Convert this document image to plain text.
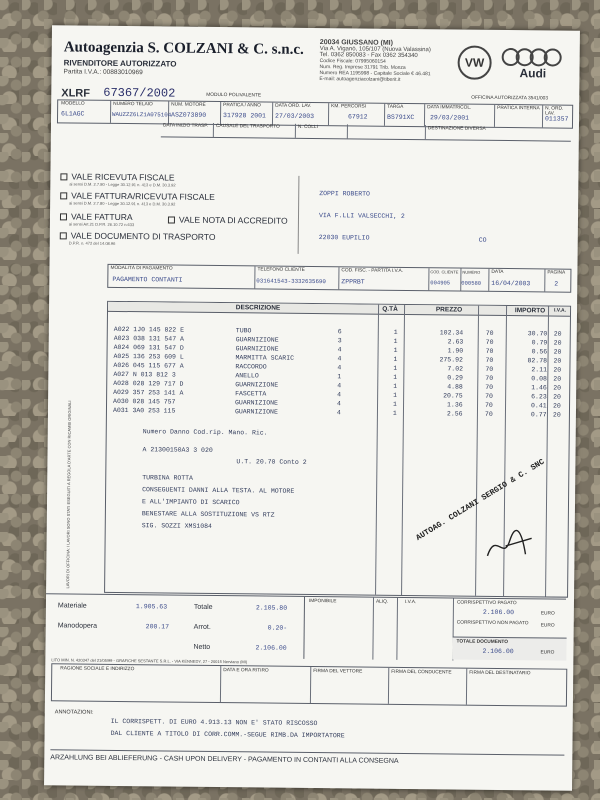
Autoagenzia S. COLZANI & C. s.n.c.
RIVENDITORE AUTORIZZATO
Partita I.V.A.: 00883010969
20034 GIUSSANO (MI)
Via A. Viganò, 105/107 (Nuova Valassina)
Tel. 0362 850083 - Fax 0362 354340
Codice Fiscale: 07995060154
Num. Reg. Imprese 31791 Trib. Monza
Numero REA 1195998 - Capitale Sociale € 46.481
E-mail: autoagenziacolzani@tiberit.it
VW
Audi
XLRF 67367/2002	MODULO POLIVALENTE	OFFICINA AUTORIZZATA 3541/003
MODELLO
6L1AGC
NUMERO TELAIO
WAUZZZ6LZ1A075104
NUM. MOTORE
ASZ073890
PRATICA / ANNO
317928 2001
DATA ORD. LAV.
27/03/2003
KM. PERCORSI
67912
TARGA
BS791XC
DATA IMMATRICOL.
29/03/2001
PRATICA INTERNA N. ORD. LAV.
011357
DATA INIZIO TRASP. CAUSALE DEL TRASPORTO	N. COLLI	DESTINAZIONE DIVERSA
VALE RICEVUTA FISCALE
ai sensi D.M. 2.7.80 - Legge 30.12.91 n. 413 e D.M. 30.3.92
VALE FATTURA/RICEVUTA FISCALE
ai sensi D.M. 2.7.80 - Legge 30.12.91 n. 413 e D.M. 30.3.92
VALE FATTURA
ai sensi Art.21 D.P.R. 26.10.72 n.633	VALE NOTA DI ACCREDITO
VALE DOCUMENTO DI TRASPORTO
D.P.R. n. 472 del 14.08.96
ZOPPI ROBERTO
VIA F.LLI VALSECCHI, 2
22030 EUPILIO	CO
MODALITÀ DI PAGAMENTO
PAGAMENTO CONTANTI
TELEFONO CLIENTE
031641543-3332635690
COD. FISC. - PARTITA I.V.A.
ZPPRBT
COD. CLIENTE
004905
NUMERO
000580
DATA
16/04/2003
PAGINA
2
DESCRIZIONE	Q.TÀ	PREZZO	IMPORTO	I.V.A.
A022 1J0 145 822 E	TUBO	6	1	102.34	70	30.70 20
A023 038 131 547 A	GUARNIZIONE	3	1	2.63	70	0.79 20
A024 069 131 547 D	GUARNIZIONE	4	1	1.90	70	0.56 20
A025 136 253 609 L	MARMITTA SCARIC	4	1	275.92	70	82.78 20
A026 045 115 677 A	RACCORDO	4	1	7.02	70	2.11 20
A027 N 013 812 3	ANELLO	1	1	0.29	70	0.08 20
A028 028 129 717 D	GUARNIZIONE	4	1	4.88	70	1.46 20
A029 357 253 141 A	FASCETTA	4	1	20.75	70	6.23 20
A030 028 145 757	GUARNIZIONE	4	1	1.36	70	0.41 20
A031 3A0 253 115	GUARNIZIONE	4	1	2.56	70	0.77 20
Numero Danno Cod.rip. Mano. Ric.
A 21300150A3 3 020
U.T. 20.70 Conto 2
TURBINA ROTTA
CONSEGUENTI DANNI ALLA TESTA. AL MOTORE
E ALL'IMPIANTO DI SCARICO
BENESTARE ALLA SOSTITUZIONE VS RTZ
SIG. SOZZI XMS1084	AUTOAG. COLZANI SERGIO & C. SNC
Materiale	1.905.63
Manodopera	200.17
Totale	2.105.80
Arrot.	0.20-
Netto	2.106.00
IMPONIBILE	ALIQ.	I.V.A.	CORRISPETTIVO PAGATO
2.106.00	EURO
CORRISPETTIVO NON PAGATO	EURO
TOTALE DOCUMENTO
2.106.00	EURO
LITO MIN. N. 420347 del 21/05/99 - GRAFICHE SESTANTE S.R.L. - VIA KENNEDY, 27 - 20015 Nerviano (MI)
RAGIONE SOCIALE E INDIRIZZO	DATA E ORA RITIRO	FIRMA DEL VETTORE	FIRMA DEL CONDUCENTE	FIRMA DEL DESTINATARIO
ANNOTAZIONI:
IL CORRISPETT. DI EURO 4.913.13 NON E' STATO RISCOSSO
DAL CLIENTE A TITOLO DI CORR.COMM.-SEGUE RIMB.DA IMPORTATORE
ARZAHLUNG BEI ABLIEFERUNG - CASH UPON DELIVERY - PAGAMENTO IN CONTANTI ALLA CONSEGNA
LAVORI DI OFFICINA: I LAVORI SONO STATI ESEGUITI A REGOLA D'ARTE CON RICAMBI ORIGINALI
